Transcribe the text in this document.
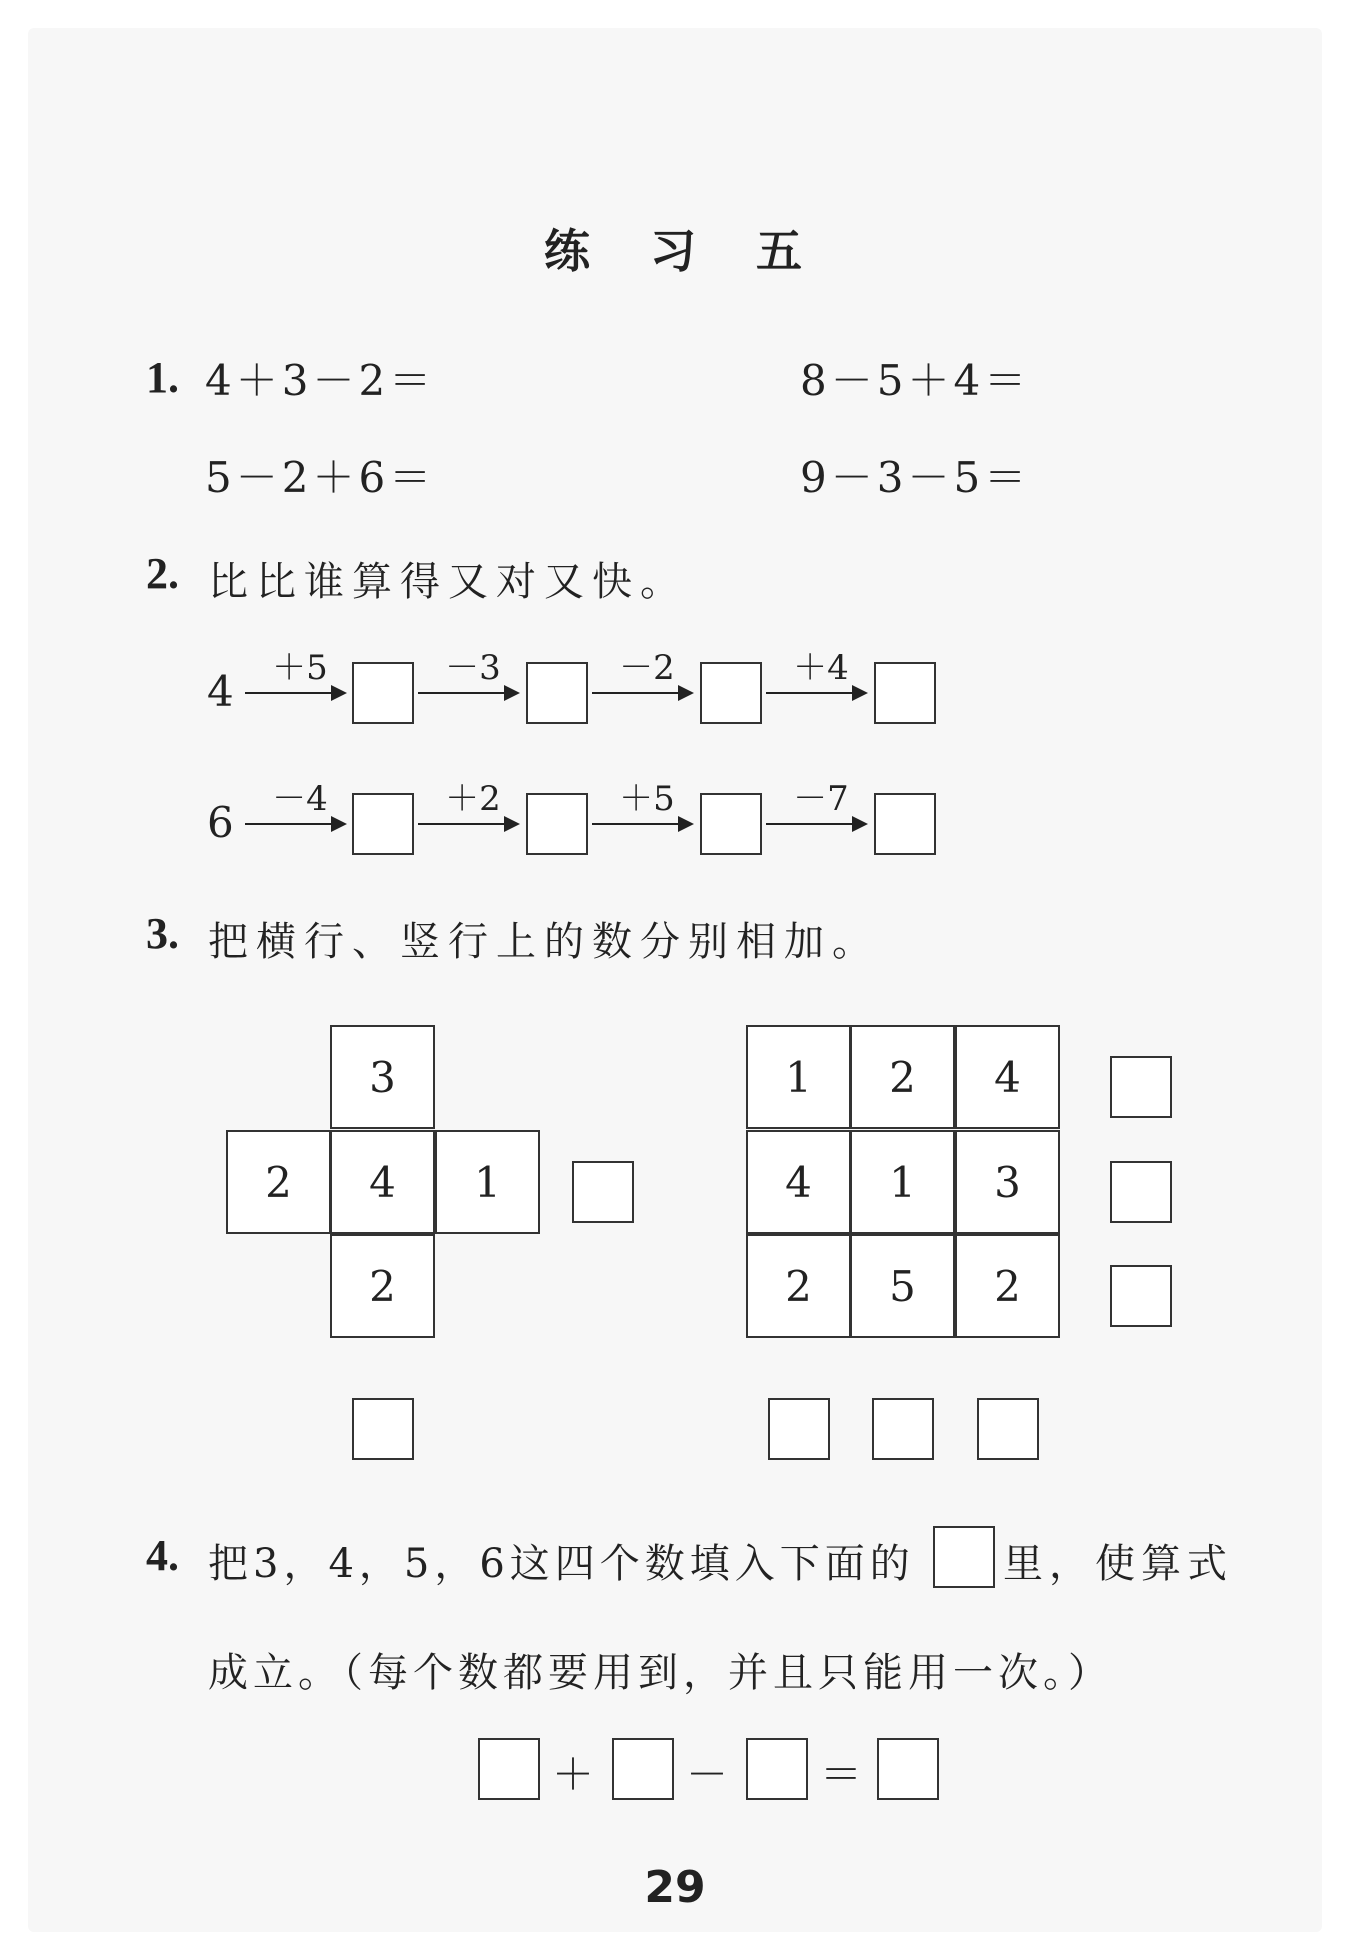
练 习 五
1. 4＋3－2＝	8－5＋4＝
5－2＋6＝	9－3－5＝
2. 比比谁算得又对又快。
4	＋5	－3	－2	＋4
6	－4	＋2	＋5	－7
3. 把横行、竖行上的数分别相加。
3
2	4	1
2
1	2	4
4	1	3
2	5	2
4. 把3，4，5，6这四个数填入下面的 里，使算式
成立。（每个数都要用到，并且只能用一次。）
＋ － ＝
29
